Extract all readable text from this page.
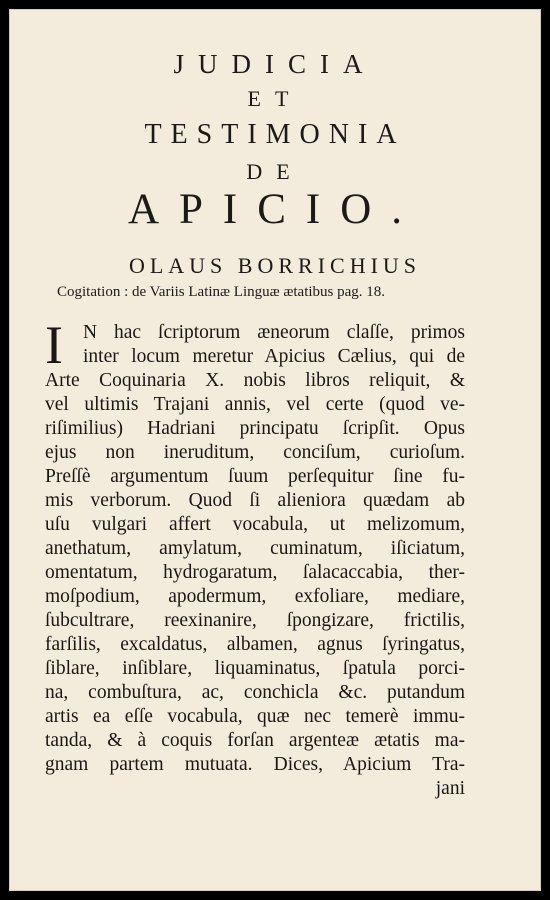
JUDICIA
ET
TESTIMONIA
DE
APICIO.
OLAUS BORRICHIUS
Cogitation : de Variis Latinæ Linguæ ætatibus pag. 18.
I	N hac ſcriptorum æneorum claſſe, primos
inter locum meretur Apicius Cælius, qui de
Arte Coquinaria X. nobis libros reliquit, &
vel ultimis Trajani annis, vel certe (quod ve-
riſimilius) Hadriani principatu ſcripſit. Opus
ejus non ineruditum, conciſum, curioſum.
Preſſè argumentum ſuum perſequitur ſine fu-
mis verborum. Quod ſi alieniora quædam ab
uſu vulgari affert vocabula, ut melizomum,
anethatum, amylatum, cuminatum, iſiciatum,
omentatum, hydrogaratum, ſalacaccabia, ther-
moſpodium, apodermum, exfoliare, mediare,
ſubcultrare, reexinanire, ſpongizare, frictilis,
farſilis, excaldatus, albamen, agnus ſyringatus,
ſiblare, inſiblare, liquaminatus, ſpatula porci-
na, combuſtura, ac, conchicla &c. putandum
artis ea eſſe vocabula, quæ nec temerè immu-
tanda, & à coquis forſan argenteæ ætatis ma-
gnam partem mutuata. Dices, Apicium Tra-
jani
